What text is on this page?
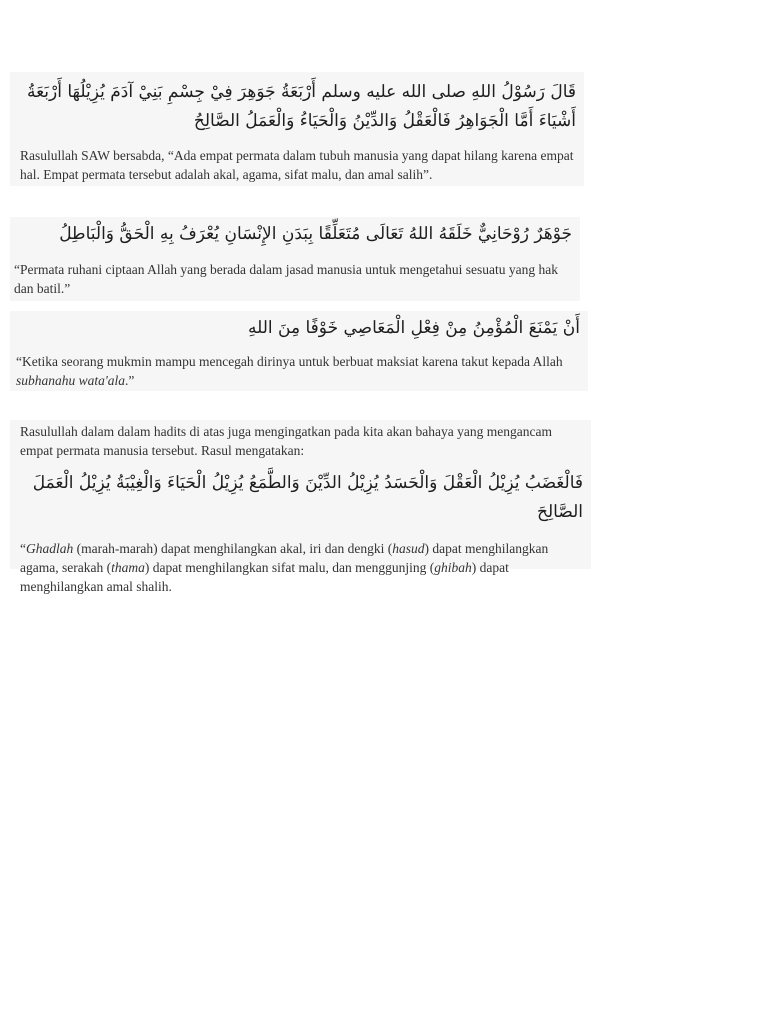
قَالَ رَسُوْلُ اللهِ صلى الله عليه وسلم أَرْبَعَةُ جَوَهِرَ فِيْ جِسْمِ بَنِيْ آدَمَ يُزِيْلُهَا أَرْبَعَةُ أَشْيَاءَ أَمَّا الْجَوَاهِرُ فَالْعَقْلُ وَالدِّيْنُ وَالْحَيَاءُ وَالْعَمَلُ الصَّالِحُ

Rasulullah SAW bersabda, “Ada empat permata dalam tubuh manusia yang dapat hilang karena empat hal. Empat permata tersebut adalah akal, agama, sifat malu, dan amal salih”.

جَوْهَرٌ رُوْحَانِيٌّ خَلَقَهُ اللهُ تَعَالَى مُتَعَلِّقًا بِبَدَنِ الإِنْسَانِ يُعْرَفُ بِهِ الْحَقُّ وَالْبَاطِلُ

“Permata ruhani ciptaan Allah yang berada dalam jasad manusia untuk mengetahui sesuatu yang hak dan batil.”

أَنْ يَمْنَعَ الْمُؤْمِنُ مِنْ فِعْلِ الْمَعَاصِي خَوْفًا مِنَ اللهِ

“Ketika seorang mukmin mampu mencegah dirinya untuk berbuat maksiat karena takut kepada Allah subhanahu wata'ala.”

Rasulullah dalam dalam hadits di atas juga mengingatkan pada kita akan bahaya yang mengancam empat permata manusia tersebut. Rasul mengatakan:

فَالْغَضَبُ يُزِيْلُ الْعَقْلَ وَالْحَسَدُ يُزِيْلُ الدِّيْنَ وَالطَّمَعُ يُزِيْلُ الْحَيَاءَ وَالْغِيْبَةُ يُزِيْلُ الْعَمَلَ الصَّالِحَ

“Ghadlah (marah-marah) dapat menghilangkan akal, iri dan dengki (hasud) dapat menghilangkan agama, serakah (thama) dapat menghilangkan sifat malu, dan menggunjing (ghibah) dapat menghilangkan amal shalih.
